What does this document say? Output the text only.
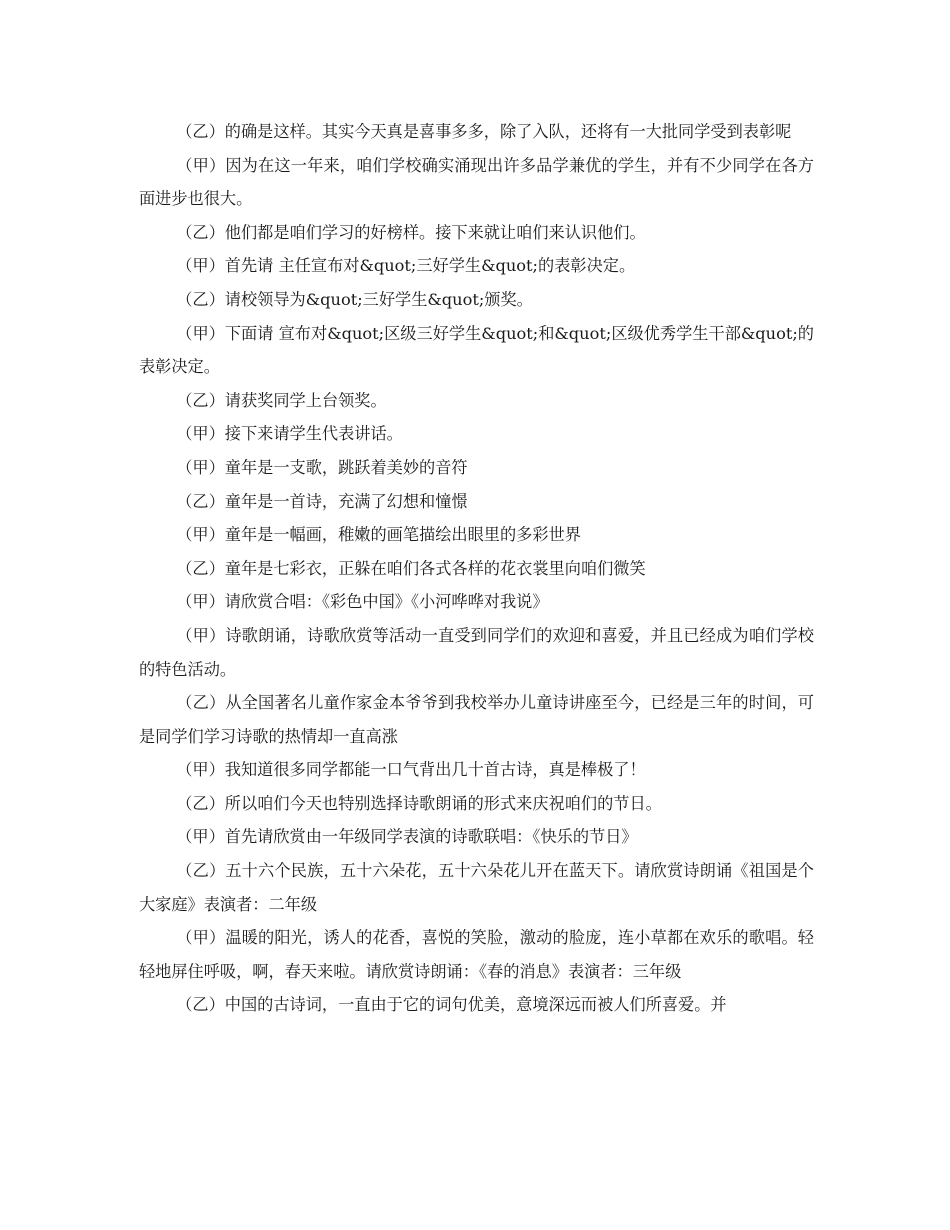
（乙）的确是这样。其实今天真是喜事多多，除了入队，还将有一大批同学受到表彰呢

（甲）因为在这一年来，咱们学校确实涌现出许多品学兼优的学生，并有不少同学在各方面进步也很大。

（乙）他们都是咱们学习的好榜样。接下来就让咱们来认识他们。

（甲）首先请 主任宣布对&quot;三好学生&quot;的表彰决定。

（乙）请校领导为&quot;三好学生&quot;颁奖。

（甲）下面请 宣布对&quot;区级三好学生&quot;和&quot;区级优秀学生干部&quot;的表彰决定。

（乙）请获奖同学上台领奖。

（甲）接下来请学生代表讲话。

（甲）童年是一支歌，跳跃着美妙的音符

（乙）童年是一首诗，充满了幻想和憧憬

（甲）童年是一幅画，稚嫩的画笔描绘出眼里的多彩世界

（乙）童年是七彩衣，正躲在咱们各式各样的花衣裳里向咱们微笑

（甲）请欣赏合唱：《彩色中国》《小河哗哗对我说》

（甲）诗歌朗诵，诗歌欣赏等活动一直受到同学们的欢迎和喜爱，并且已经成为咱们学校的特色活动。

（乙）从全国著名儿童作家金本爷爷到我校举办儿童诗讲座至今，已经是三年的时间，可是同学们学习诗歌的热情却一直高涨

（甲）我知道很多同学都能一口气背出几十首古诗，真是棒极了！

（乙）所以咱们今天也特别选择诗歌朗诵的形式来庆祝咱们的节日。

（甲）首先请欣赏由一年级同学表演的诗歌联唱：《快乐的节日》

（乙）五十六个民族，五十六朵花，五十六朵花儿开在蓝天下。请欣赏诗朗诵《祖国是个大家庭》表演者：二年级

（甲）温暖的阳光，诱人的花香，喜悦的笑脸，激动的脸庞，连小草都在欢乐的歌唱。轻轻地屏住呼吸，啊，春天来啦。请欣赏诗朗诵：《春的消息》表演者：三年级

（乙）中国的古诗词，一直由于它的词句优美，意境深远而被人们所喜爱。并
